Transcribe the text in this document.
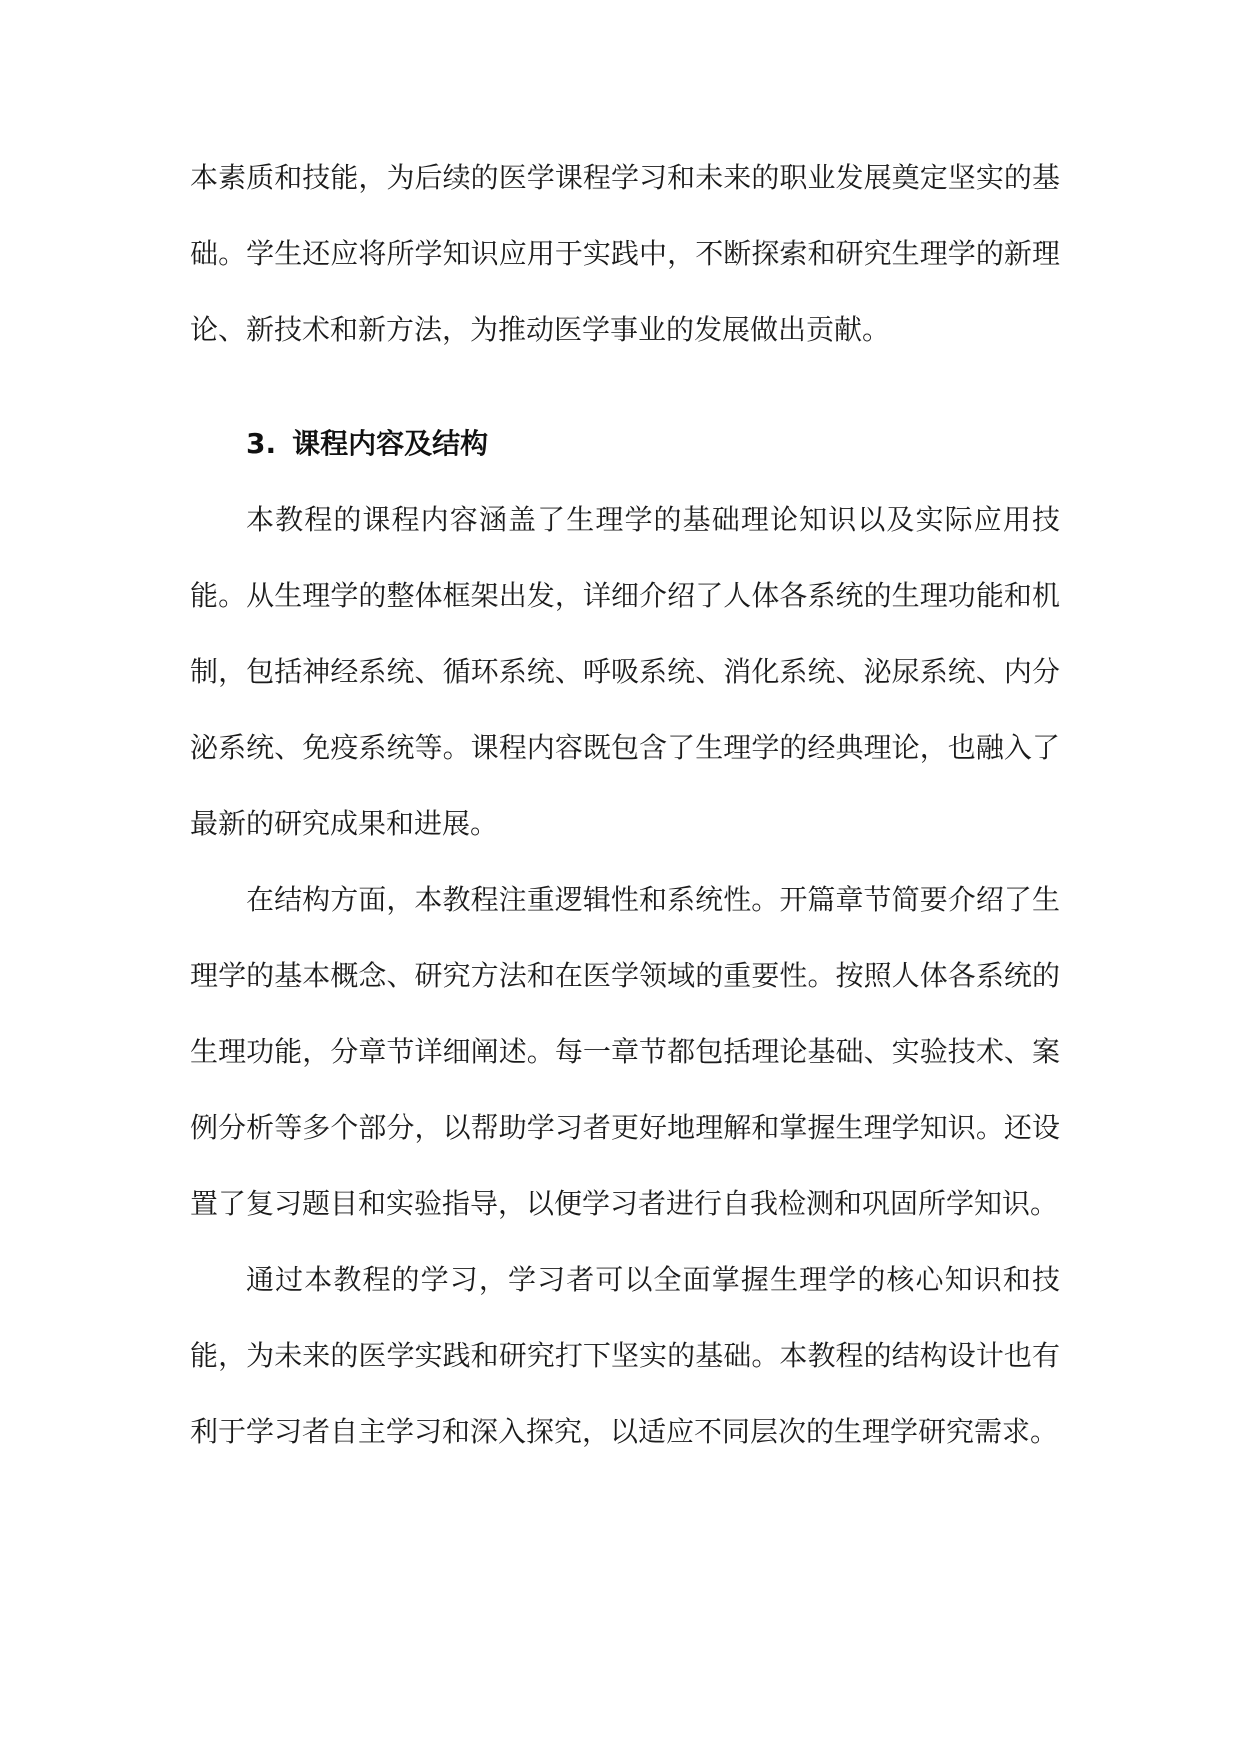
本素质和技能，为后续的医学课程学习和未来的职业发展奠定坚实的基础。学生还应将所学知识应用于实践中，不断探索和研究生理学的新理论、新技术和新方法，为推动医学事业的发展做出贡献。

3. 课程内容及结构

本教程的课程内容涵盖了生理学的基础理论知识以及实际应用技能。从生理学的整体框架出发，详细介绍了人体各系统的生理功能和机制，包括神经系统、循环系统、呼吸系统、消化系统、泌尿系统、内分泌系统、免疫系统等。课程内容既包含了生理学的经典理论，也融入了最新的研究成果和进展。

在结构方面，本教程注重逻辑性和系统性。开篇章节简要介绍了生理学的基本概念、研究方法和在医学领域的重要性。按照人体各系统的生理功能，分章节详细阐述。每一章节都包括理论基础、实验技术、案例分析等多个部分，以帮助学习者更好地理解和掌握生理学知识。还设置了复习题目和实验指导，以便学习者进行自我检测和巩固所学知识。

通过本教程的学习，学习者可以全面掌握生理学的核心知识和技能，为未来的医学实践和研究打下坚实的基础。本教程的结构设计也有利于学习者自主学习和深入探究，以适应不同层次的生理学研究需求。
